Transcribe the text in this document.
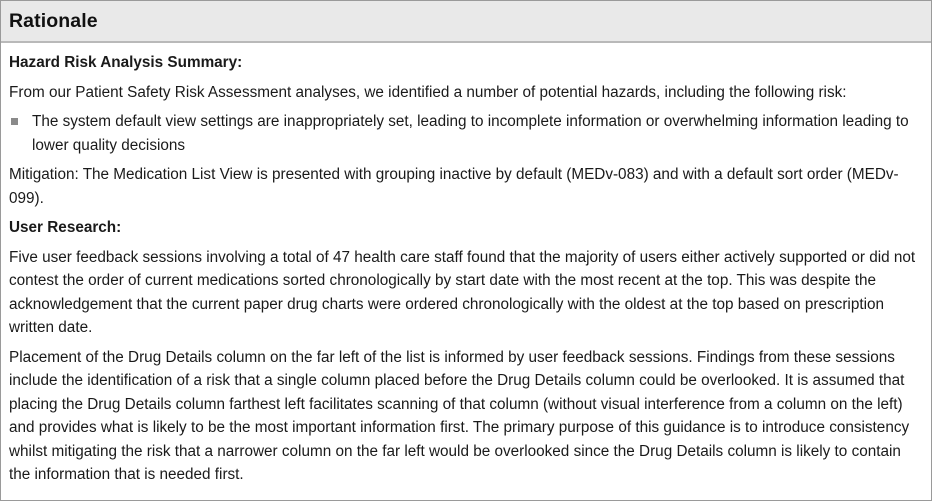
Rationale
Hazard Risk Analysis Summary:
From our Patient Safety Risk Assessment analyses, we identified a number of potential hazards, including the following risk:
The system default view settings are inappropriately set, leading to incomplete information or overwhelming information leading to lower quality decisions
Mitigation: The Medication List View is presented with grouping inactive by default (MEDv-083) and with a default sort order (MEDv-099).
User Research:
Five user feedback sessions involving a total of 47 health care staff found that the majority of users either actively supported or did not contest the order of current medications sorted chronologically by start date with the most recent at the top. This was despite the acknowledgement that the current paper drug charts were ordered chronologically with the oldest at the top based on prescription written date.
Placement of the Drug Details column on the far left of the list is informed by user feedback sessions. Findings from these sessions include the identification of a risk that a single column placed before the Drug Details column could be overlooked. It is assumed that placing the Drug Details column farthest left facilitates scanning of that column (without visual interference from a column on the left) and provides what is likely to be the most important information first. The primary purpose of this guidance is to introduce consistency whilst mitigating the risk that a narrower column on the far left would be overlooked since the Drug Details column is likely to contain the information that is needed first.
